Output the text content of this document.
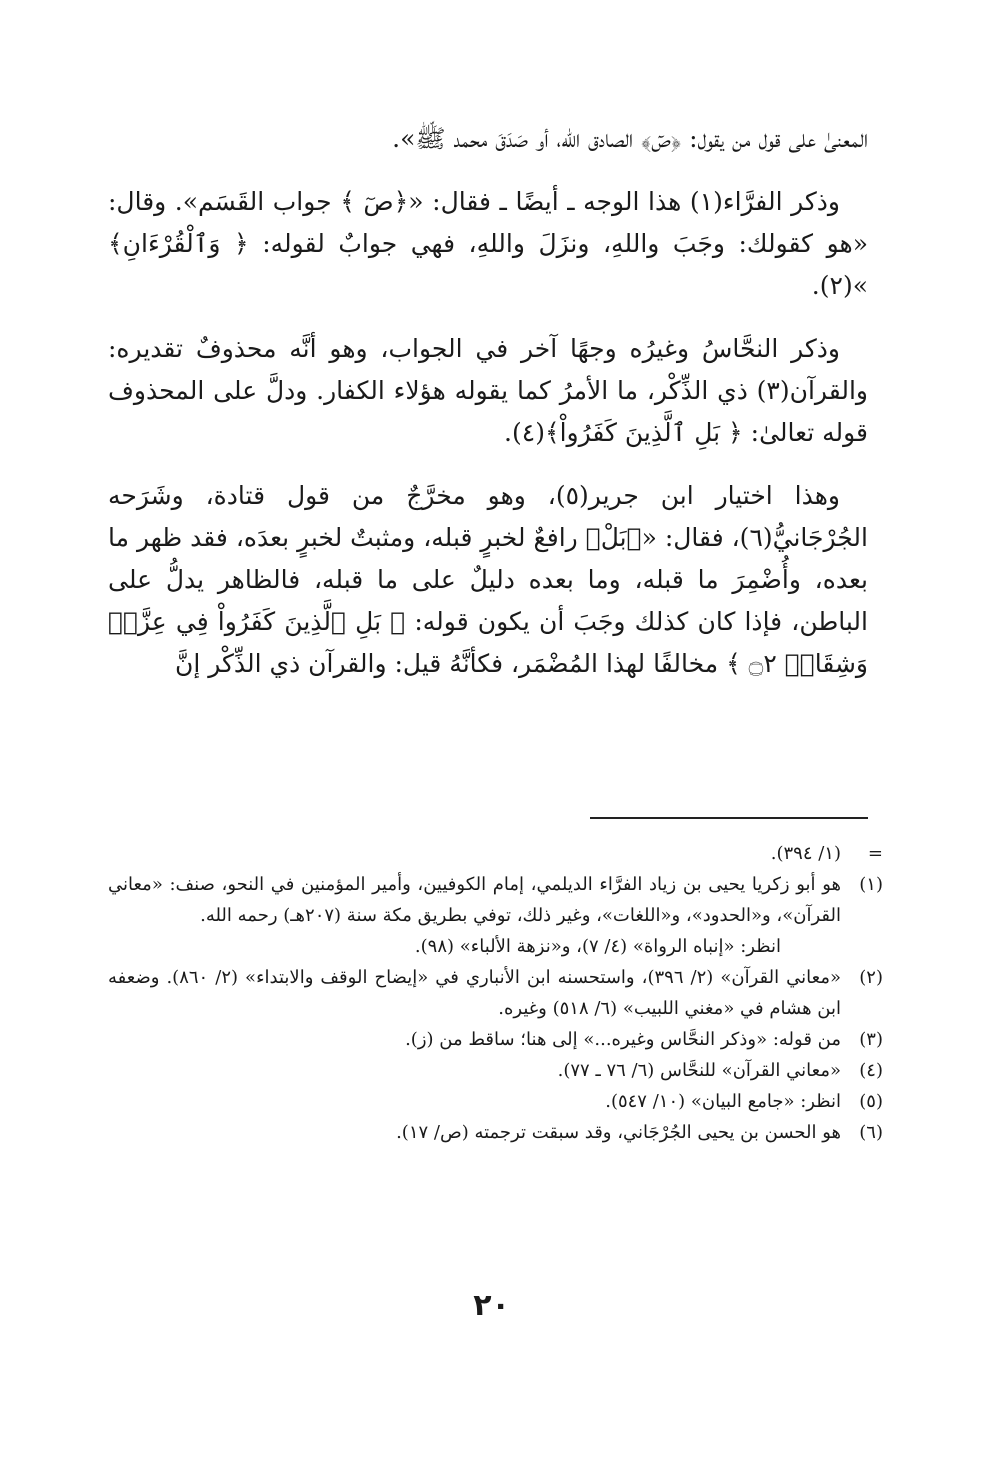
المعنىٰ على قول من يقول: ﴿صٓ﴾ الصادق الله، أو صَدَقَ محمد ﷺ».

وذكر الفرَّاء(١) هذا الوجه ـ أيضًا ـ فقال: «﴿صٓ ﴾ جواب القَسَم». وقال: «هو كقولك: وجَبَ واللهِ، ونزَلَ واللهِ، فهي جوابٌ لقوله: ﴿ وَٱلْقُرْءَانِ﴾ »(٢).

وذكر النحَّاسُ وغيرُه وجهًا آخر في الجواب، وهو أنَّه محذوفٌ تقديره: والقرآن(٣) ذي الذِّكْر، ما الأمرُ كما يقوله هؤلاء الكفار. ودلَّ على المحذوف قوله تعالىٰ: ﴿ بَلِ ٱلَّذِينَ كَفَرُواْ﴾(٤).

وهذا اختيار ابن جرير(٥)، وهو مخرَّجٌ من قول قتادة، وشَرَحه الجُرْجَانيُّ(٦)، فقال: «﴿بَلْ﴾ رافعٌ لخبرٍ قبله، ومثبتٌ لخبرٍ بعدَه، فقد ظهر ما بعده، وأُضْمِرَ ما قبله، وما بعده دليلٌ على ما قبله، فالظاهر يدلُّ على الباطن، فإذا كان كذلك وجَبَ أن يكون قوله: ﴿ بَلِ ٱلَّذِينَ كَفَرُواْ فِي عِزَّةٖ وَشِقَاقٖ ۝٢ ﴾ مخالفًا لهذا المُضْمَر، فكأنَّهُ قيل: والقرآن ذي الذِّكْر إنَّ

=
(١/ ٣٩٤).
(١)
هو أبو زكريا يحيى بن زياد الفرَّاء الديلمي، إمام الكوفيين، وأمير المؤمنين في النحو، صنف: «معاني القرآن»، و«الحدود»، و«اللغات»، وغير ذلك، توفي بطريق مكة سنة (٢٠٧هـ) رحمه الله.
انظر: «إنباه الرواة» (٤/ ٧)، و«نزهة الألباء» (٩٨).
(٢)
«معاني القرآن» (٢/ ٣٩٦)، واستحسنه ابن الأنباري في «إيضاح الوقف والابتداء» (٢/ ٨٦٠). وضعفه ابن هشام في «مغني اللبيب» (٦/ ٥١٨) وغيره.
(٣)
من قوله: «وذكر النحَّاس وغيره...» إلى هنا؛ ساقط من (ز).
(٤)
«معاني القرآن» للنحَّاس (٦/ ٧٦ ـ ٧٧).
(٥)
انظر: «جامع البيان» (١٠/ ٥٤٧).
(٦)
هو الحسن بن يحيى الجُرْجَاني، وقد سبقت ترجمته (ص/ ١٧).
٢٠
